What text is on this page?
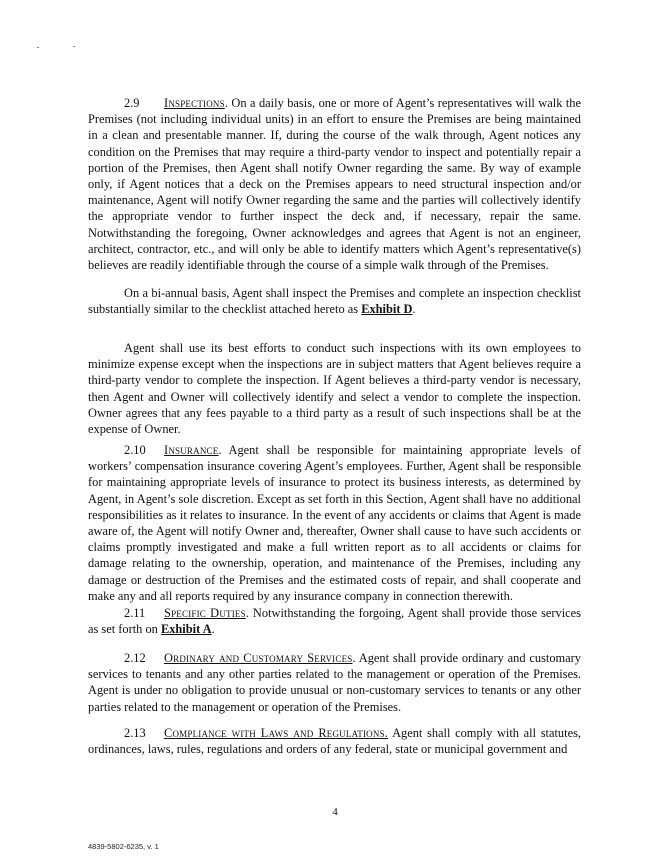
2.9 Inspections. On a daily basis, one or more of Agent’s representatives will walk the Premises (not including individual units) in an effort to ensure the Premises are being maintained in a clean and presentable manner. If, during the course of the walk through, Agent notices any condition on the Premises that may require a third-party vendor to inspect and potentially repair a portion of the Premises, then Agent shall notify Owner regarding the same. By way of example only, if Agent notices that a deck on the Premises appears to need structural inspection and/or maintenance, Agent will notify Owner regarding the same and the parties will collectively identify the appropriate vendor to further inspect the deck and, if necessary, repair the same. Notwithstanding the foregoing, Owner acknowledges and agrees that Agent is not an engineer, architect, contractor, etc., and will only be able to identify matters which Agent’s representative(s) believes are readily identifiable through the course of a simple walk through of the Premises.

On a bi-annual basis, Agent shall inspect the Premises and complete an inspection checklist substantially similar to the checklist attached hereto as Exhibit D.

Agent shall use its best efforts to conduct such inspections with its own employees to minimize expense except when the inspections are in subject matters that Agent believes require a third-party vendor to complete the inspection. If Agent believes a third-party vendor is necessary, then Agent and Owner will collectively identify and select a vendor to complete the inspection. Owner agrees that any fees payable to a third party as a result of such inspections shall be at the expense of Owner.

2.10 Insurance. Agent shall be responsible for maintaining appropriate levels of workers’ compensation insurance covering Agent’s employees. Further, Agent shall be responsible for maintaining appropriate levels of insurance to protect its business interests, as determined by Agent, in Agent’s sole discretion. Except as set forth in this Section, Agent shall have no additional responsibilities as it relates to insurance. In the event of any accidents or claims that Agent is made aware of, the Agent will notify Owner and, thereafter, Owner shall cause to have such accidents or claims promptly investigated and make a full written report as to all accidents or claims for damage relating to the ownership, operation, and maintenance of the Premises, including any damage or destruction of the Premises and the estimated costs of repair, and shall cooperate and make any and all reports required by any insurance company in connection therewith.

2.11 Specific Duties. Notwithstanding the forgoing, Agent shall provide those services as set forth on Exhibit A.

2.12 Ordinary and Customary Services. Agent shall provide ordinary and customary services to tenants and any other parties related to the management or operation of the Premises. Agent is under no obligation to provide unusual or non-customary services to tenants or any other parties related to the management or operation of the Premises.

2.13 Compliance with Laws and Regulations. Agent shall comply with all statutes, ordinances, laws, rules, regulations and orders of any federal, state or municipal government and

4
4839-5802-6235, v. 1
